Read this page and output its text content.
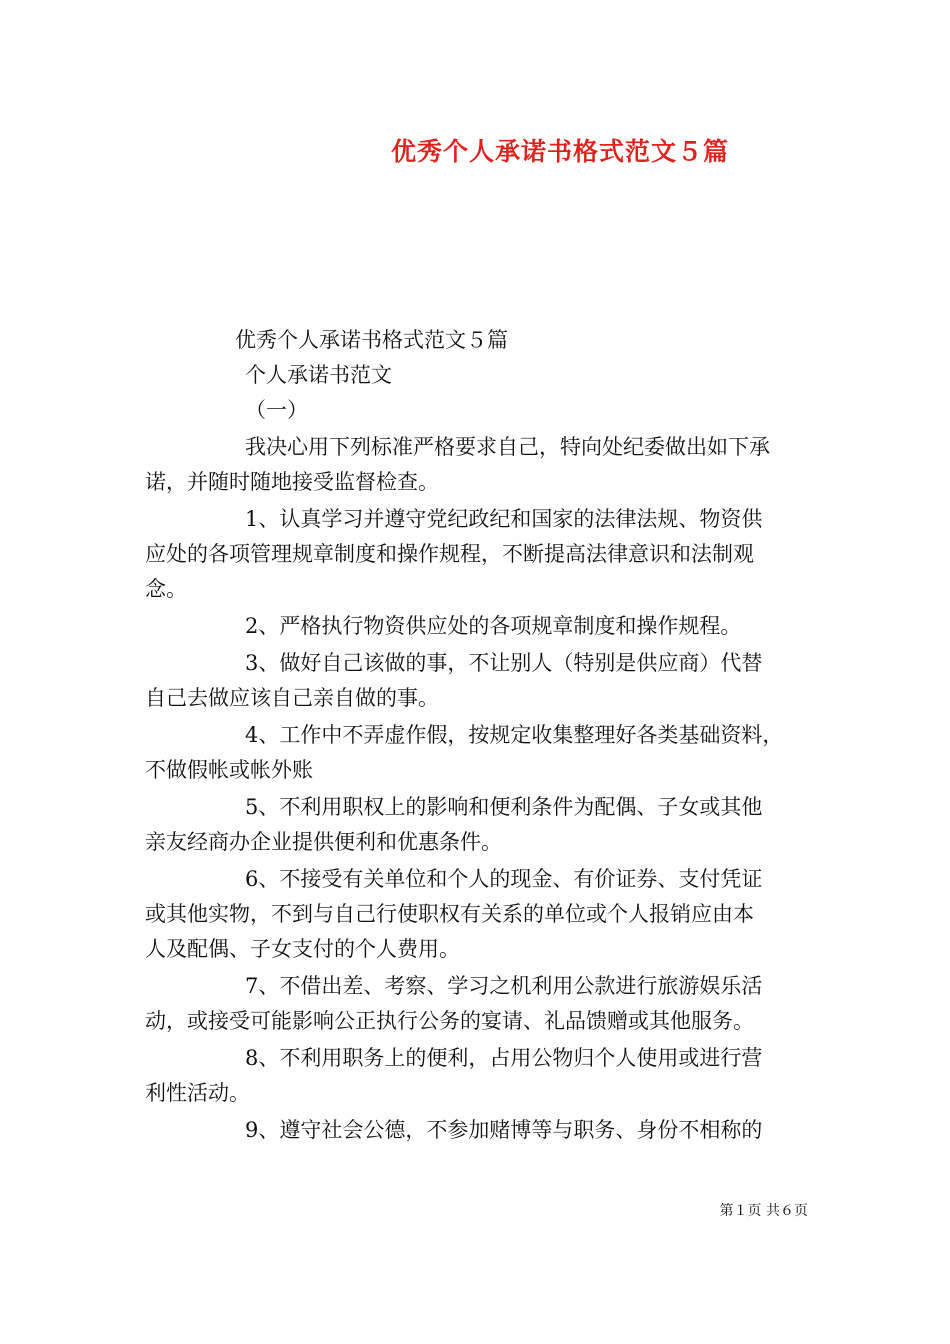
优秀个人承诺书格式范文５篇
优秀个人承诺书格式范文５篇
个人承诺书范文
（一）
我决心用下列标准严格要求自己，特向处纪委做出如下承
诺，并随时随地接受监督检查。
1、认真学习并遵守党纪政纪和国家的法律法规、物资供
应处的各项管理规章制度和操作规程，不断提高法律意识和法制观
念。
2、严格执行物资供应处的各项规章制度和操作规程。
3、做好自己该做的事，不让别人（特别是供应商）代替
自己去做应该自己亲自做的事。
4、工作中不弄虚作假，按规定收集整理好各类基础资料，
不做假帐或帐外账
5、不利用职权上的影响和便利条件为配偶、子女或其他
亲友经商办企业提供便利和优惠条件。
6、不接受有关单位和个人的现金、有价证券、支付凭证
或其他实物，不到与自己行使职权有关系的单位或个人报销应由本
人及配偶、子女支付的个人费用。
7、不借出差、考察、学习之机利用公款进行旅游娱乐活
动，或接受可能影响公正执行公务的宴请、礼品馈赠或其他服务。
8、不利用职务上的便利，占用公物归个人使用或进行营
利性活动。
9、遵守社会公德，不参加赌博等与职务、身份不相称的
第１页 共６页
